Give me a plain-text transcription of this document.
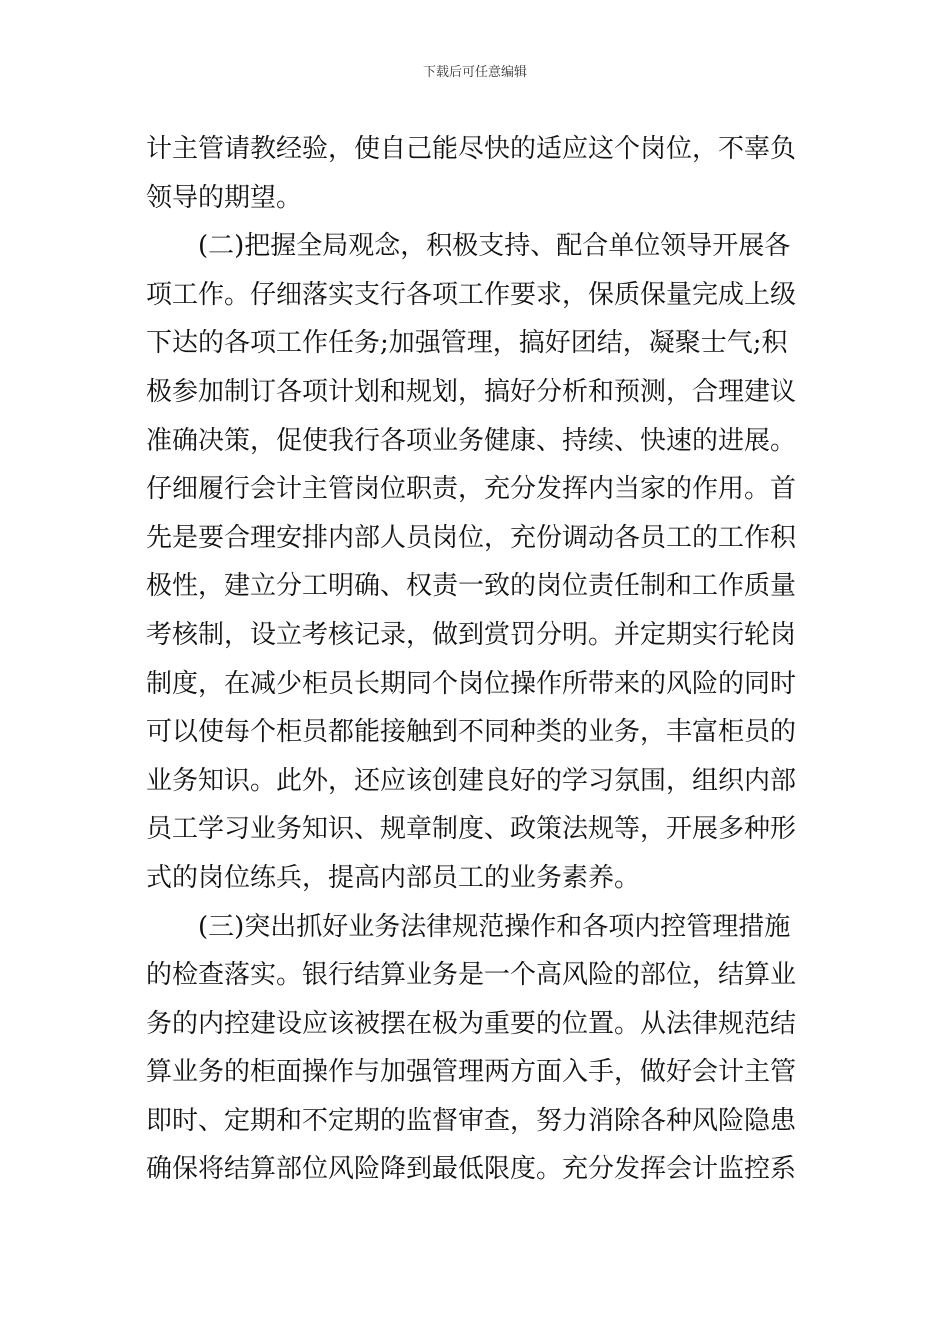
下载后可任意编辑
计主管请教经验，使自己能尽快的适应这个岗位，不辜负
领导的期望。
　　(二)把握全局观念，积极支持、配合单位领导开展各
项工作。仔细落实支行各项工作要求，保质保量完成上级
下达的各项工作任务;加强管理，搞好团结，凝聚士气;积
极参加制订各项计划和规划，搞好分析和预测，合理建议
准确决策，促使我行各项业务健康、持续、快速的进展。
仔细履行会计主管岗位职责，充分发挥内当家的作用。首
先是要合理安排内部人员岗位，充份调动各员工的工作积
极性，建立分工明确、权责一致的岗位责任制和工作质量
考核制，设立考核记录，做到赏罚分明。并定期实行轮岗
制度，在减少柜员长期同个岗位操作所带来的风险的同时
可以使每个柜员都能接触到不同种类的业务，丰富柜员的
业务知识。此外，还应该创建良好的学习氛围，组织内部
员工学习业务知识、规章制度、政策法规等，开展多种形
式的岗位练兵，提高内部员工的业务素养。
　　(三)突出抓好业务法律规范操作和各项内控管理措施
的检查落实。银行结算业务是一个高风险的部位，结算业
务的内控建设应该被摆在极为重要的位置。从法律规范结
算业务的柜面操作与加强管理两方面入手，做好会计主管
即时、定期和不定期的监督审查，努力消除各种风险隐患
确保将结算部位风险降到最低限度。充分发挥会计监控系
